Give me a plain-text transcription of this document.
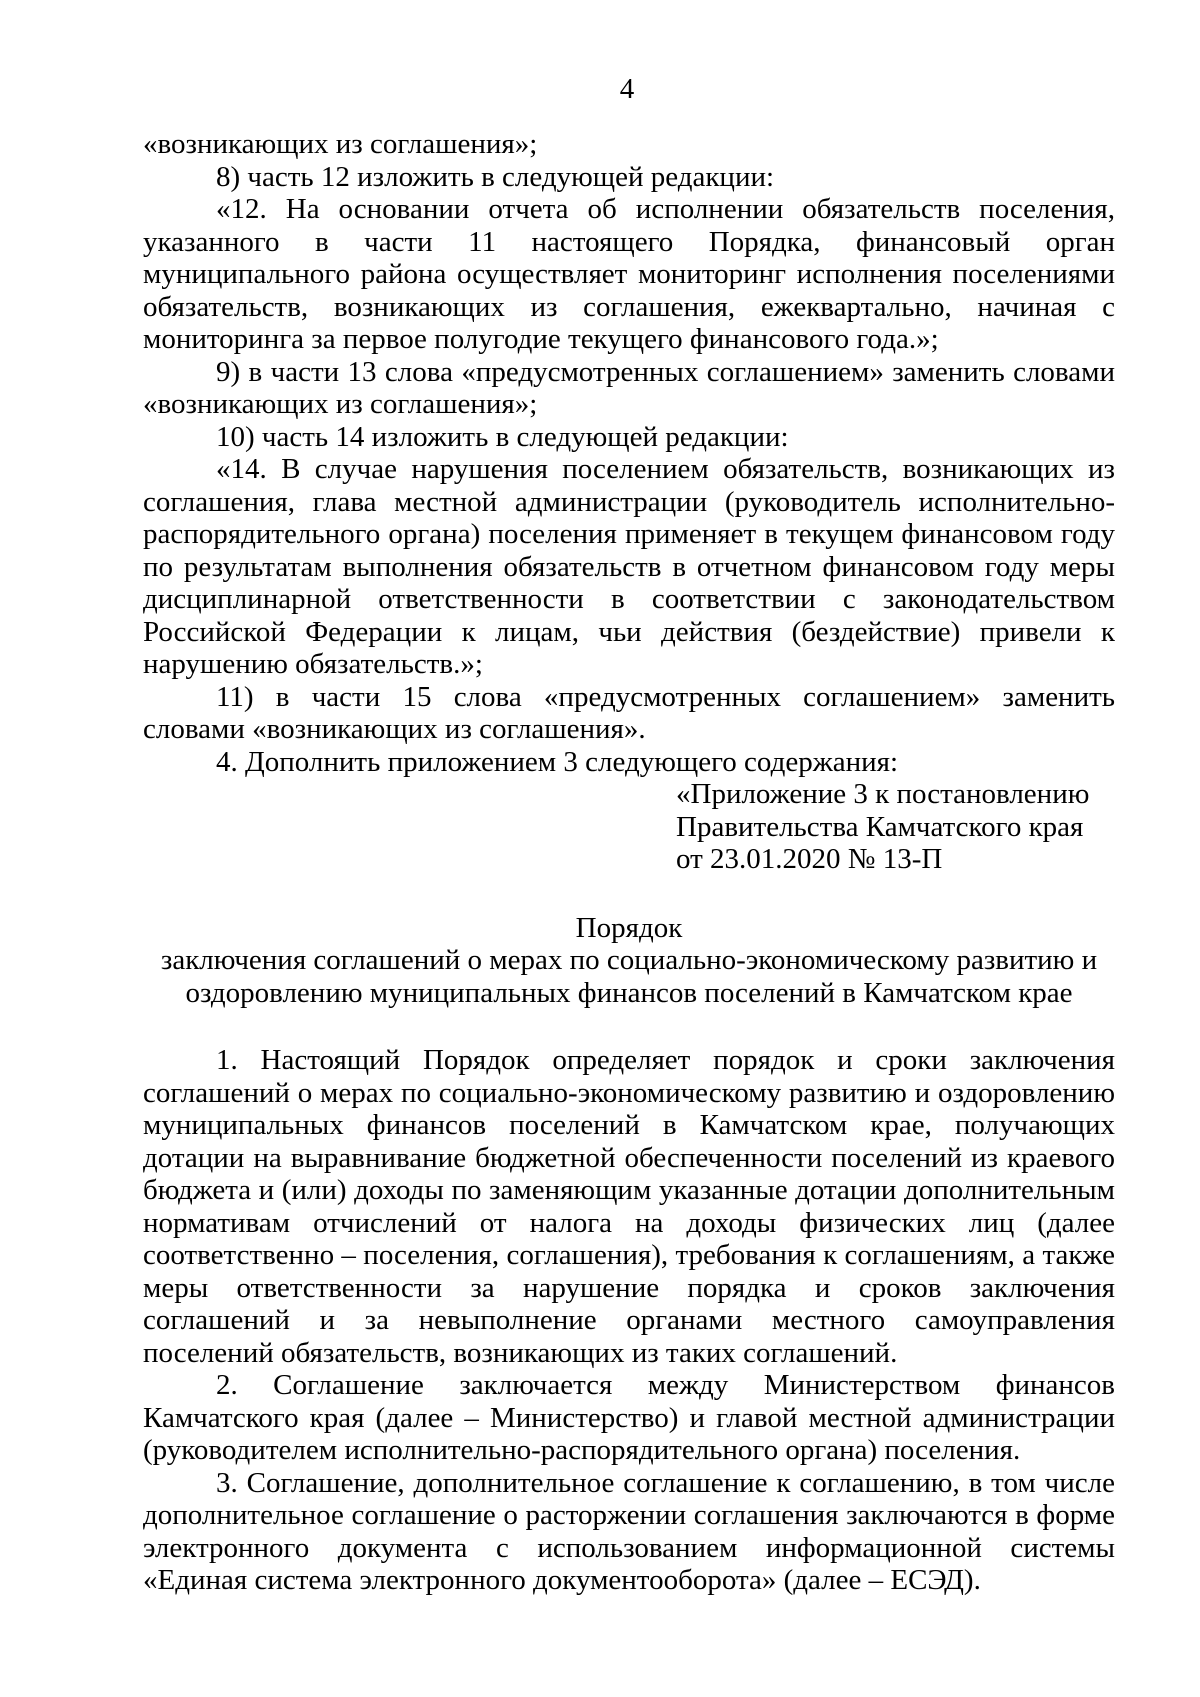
4

«возникающих из соглашения»;

8) часть 12 изложить в следующей редакции:

«12. На основании отчета об исполнении обязательств поселения, указанного в части 11 настоящего Порядка, финансовый орган муниципального района осуществляет мониторинг исполнения поселениями обязательств, возникающих из соглашения, ежеквартально, начиная с мониторинга за первое полугодие текущего финансового года.»;

9) в части 13 слова «предусмотренных соглашением» заменить словами «возникающих из соглашения»;

10) часть 14 изложить в следующей редакции:

«14. В случае нарушения поселением обязательств, возникающих из соглашения, глава местной администрации (руководитель исполнительно-распорядительного органа) поселения применяет в текущем финансовом году по результатам выполнения обязательств в отчетном финансовом году меры дисциплинарной ответственности в соответствии с законодательством Российской Федерации к лицам, чьи действия (бездействие) привели к нарушению обязательств.»;

11) в части 15 слова «предусмотренных соглашением» заменить словами «возникающих из соглашения».

4. Дополнить приложением 3 следующего содержания:

«Приложение 3 к постановлению
Правительства Камчатского края
от 23.01.2020 № 13-П
Порядок
заключения соглашений о мерах по социально-экономическому развитию и
оздоровлению муниципальных финансов поселений в Камчатском крае

1. Настоящий Порядок определяет порядок и сроки заключения соглашений о мерах по социально-экономическому развитию и оздоровлению муниципальных финансов поселений в Камчатском крае, получающих дотации на выравнивание бюджетной обеспеченности поселений из краевого бюджета и (или) доходы по заменяющим указанные дотации дополнительным нормативам отчислений от налога на доходы физических лиц (далее соответственно – поселения, соглашения), требования к соглашениям, а также меры ответственности за нарушение порядка и сроков заключения соглашений и за невыполнение органами местного самоуправления поселений обязательств, возникающих из таких соглашений.

2. Соглашение заключается между Министерством финансов Камчатского края (далее – Министерство) и главой местной администрации (руководителем исполнительно-распорядительного органа) поселения.

3. Соглашение, дополнительное соглашение к соглашению, в том числе дополнительное соглашение о расторжении соглашения заключаются в форме электронного документа с использованием информационной системы «Единая система электронного документооборота» (далее – ЕСЭД).
